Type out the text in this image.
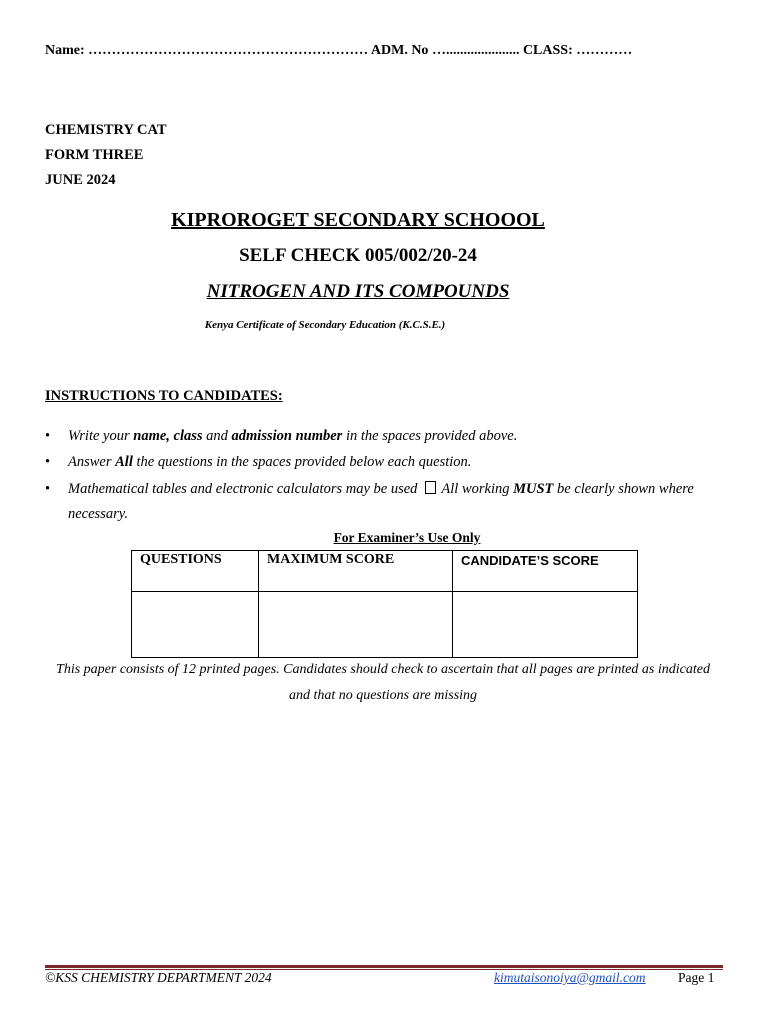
Name: …………………………………………………… ADM. No …..................... CLASS: …………
CHEMISTRY CAT
FORM THREE
JUNE 2024
KIPROROGET SECONDARY SCHOOOL
SELF CHECK 005/002/20-24
NITROGEN AND ITS COMPOUNDS
Kenya Certificate of Secondary Education (K.C.S.E.)
INSTRUCTIONS TO CANDIDATES:
• Write your name, class and admission number in the spaces provided above.
• Answer All the questions in the spaces provided below each question.
• Mathematical tables and electronic calculators may be used All working MUST be clearly shown where necessary.
For Examiner’s Use Only
QUESTIONS	MAXIMUM SCORE	CANDIDATE’S SCORE

This paper consists of 12 printed pages. Candidates should check to ascertain that all pages are printed as indicated and that no questions are missing
©KSS CHEMISTRY DEPARTMENT 2024	kimutaisonoiya@gmail.com Page 1
